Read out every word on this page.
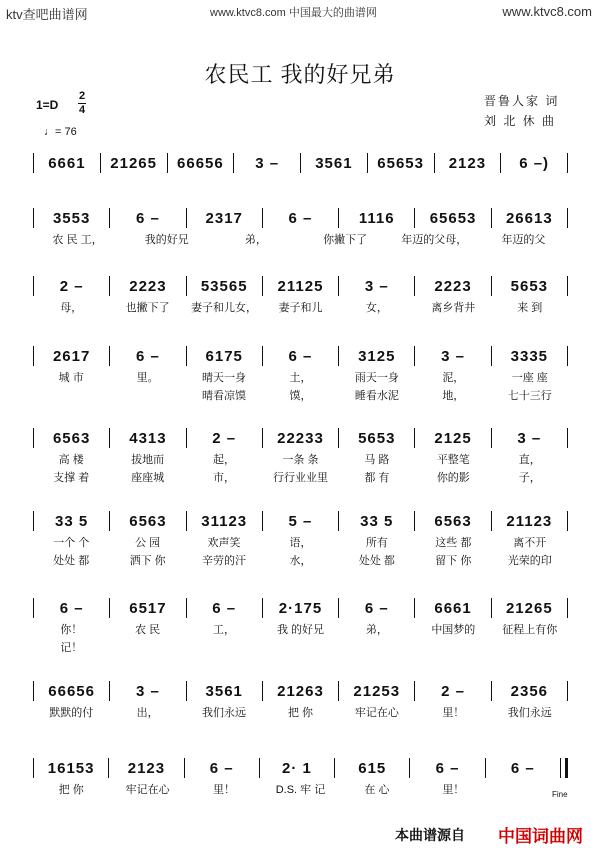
ktv查吧曲谱网	www.ktvc8.com 中国最大的曲谱网	www.ktvc8.com
农民工 我的好兄弟
1=D
2
4
♩= 76
晋鲁人家 词
刘 北 休 曲
6661	21265	66656	3 –	3561	65653	2123	6 –)
3553	6 –	2317	6 –	1116	65653	26613
农 民 工，	我的好兄	弟，	你撇下了	年迈的父母，	年迈的父
2 –	2223	53565	21125	3 –	2223	5653
母，	也撇下了	妻子和儿女，	妻子和儿	女，	离乡背井	来 到
2617	6 –	6175	6 –	3125	3 –	3335
城 市	里。	晴天一身	土，	雨天一身	泥，	一座 座
晴看凉馍	馍，	睡看水泥	地，	七十三行
6563	4313	2 –	22233	5653	2125	3 –
高 楼	拔地而	起，	一条 条	马 路	平整笔	直，
支撑 着	座座城	市，	行行业业里	都 有	你的影	子，
33 5	6563	31123	5 –	33 5	6563	21123
一个 个	公 园	欢声笑	语，	所有	这些 都	离不开
处处 都	洒下 你	辛劳的汗	水，	处处 都	留下 你	光荣的印
6 –	6517	6 –	2·175	6 –	6661	21265
你！	农 民	工，	我 的好兄	弟，	中国梦的	征程上有你
记！
66656	3 –	3561	21263	21253	2 –	2356
默默的付	出，	我们永远	把 你	牢记在心	里！	我们永远
16153	2123	6 –	2· 1	615	6 –	6 –
把 你	牢记在心	里！	D.S. 牢 记	在 心	里！	Fine
本曲谱源自 中国词曲网
